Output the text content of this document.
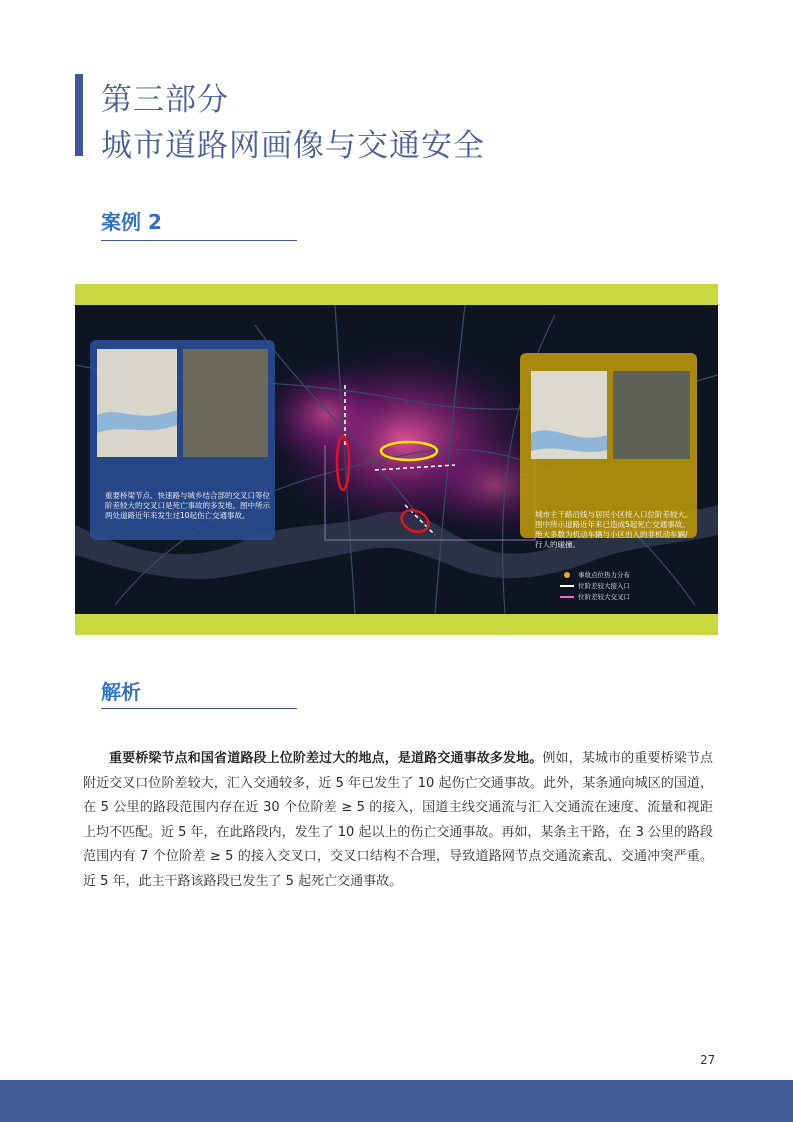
第三部分
城市道路网画像与交通安全
案例 2
重要桥梁节点、快速路与城乡结合部的交叉口等位阶差较大的交叉口是死亡事故的多发地。图中所示两处道路近年来发生过10起伤亡交通事故。	城市主干路沿线与居民小区接入口位阶差较大。图中所示道路近年来已造成5起死亡交通事故。绝大多数为机动车辆与小区出入的非机动车辆/行人的碰撞。
事故点位热力分布
位阶差较大接入口
位阶差较大交叉口
解析
重要桥梁节点和国省道路段上位阶差过大的地点，是道路交通事故多发地。例如，某城市的重要桥梁节点附近交叉口位阶差较大，汇入交通较多，近 5 年已发生了 10 起伤亡交通事故。此外，某条通向城区的国道，在 5 公里的路段范围内存在近 30 个位阶差 ≥ 5 的接入，国道主线交通流与汇入交通流在速度、流量和视距上均不匹配。近 5 年，在此路段内，发生了 10 起以上的伤亡交通事故。再如，某条主干路，在 3 公里的路段范围内有 7 个位阶差 ≥ 5 的接入交叉口，交叉口结构不合理，导致道路网节点交通流紊乱、交通冲突严重。近 5 年，此主干路该路段已发生了 5 起死亡交通事故。
27
